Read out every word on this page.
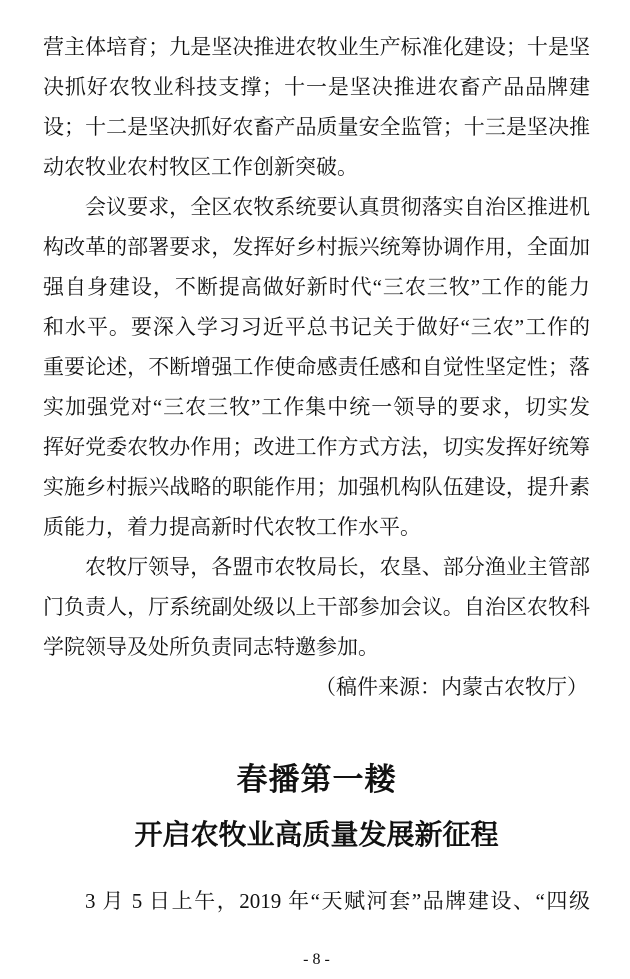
营主体培育；九是坚决推进农牧业生产标准化建设；十是坚
决抓好农牧业科技支撑；十一是坚决推进农畜产品品牌建
设；十二是坚决抓好农畜产品质量安全监管；十三是坚决推
动农牧业农村牧区工作创新突破。
会议要求，全区农牧系统要认真贯彻落实自治区推进机
构改革的部署要求，发挥好乡村振兴统筹协调作用，全面加
强自身建设，不断提高做好新时代“三农三牧”工作的能力
和水平。要深入学习习近平总书记关于做好“三农”工作的
重要论述，不断增强工作使命感责任感和自觉性坚定性；落
实加强党对“三农三牧”工作集中统一领导的要求，切实发
挥好党委农牧办作用；改进工作方式方法，切实发挥好统筹
实施乡村振兴战略的职能作用；加强机构队伍建设，提升素
质能力，着力提高新时代农牧工作水平。
农牧厅领导，各盟市农牧局长，农垦、部分渔业主管部
门负责人，厅系统副处级以上干部参加会议。自治区农牧科
学院领导及处所负责同志特邀参加。
（稿件来源：内蒙古农牧厅）
春播第一耧
开启农牧业高质量发展新征程
3 月 5 日上午，2019 年“天赋河套”品牌建设、“四级
- 8 -
